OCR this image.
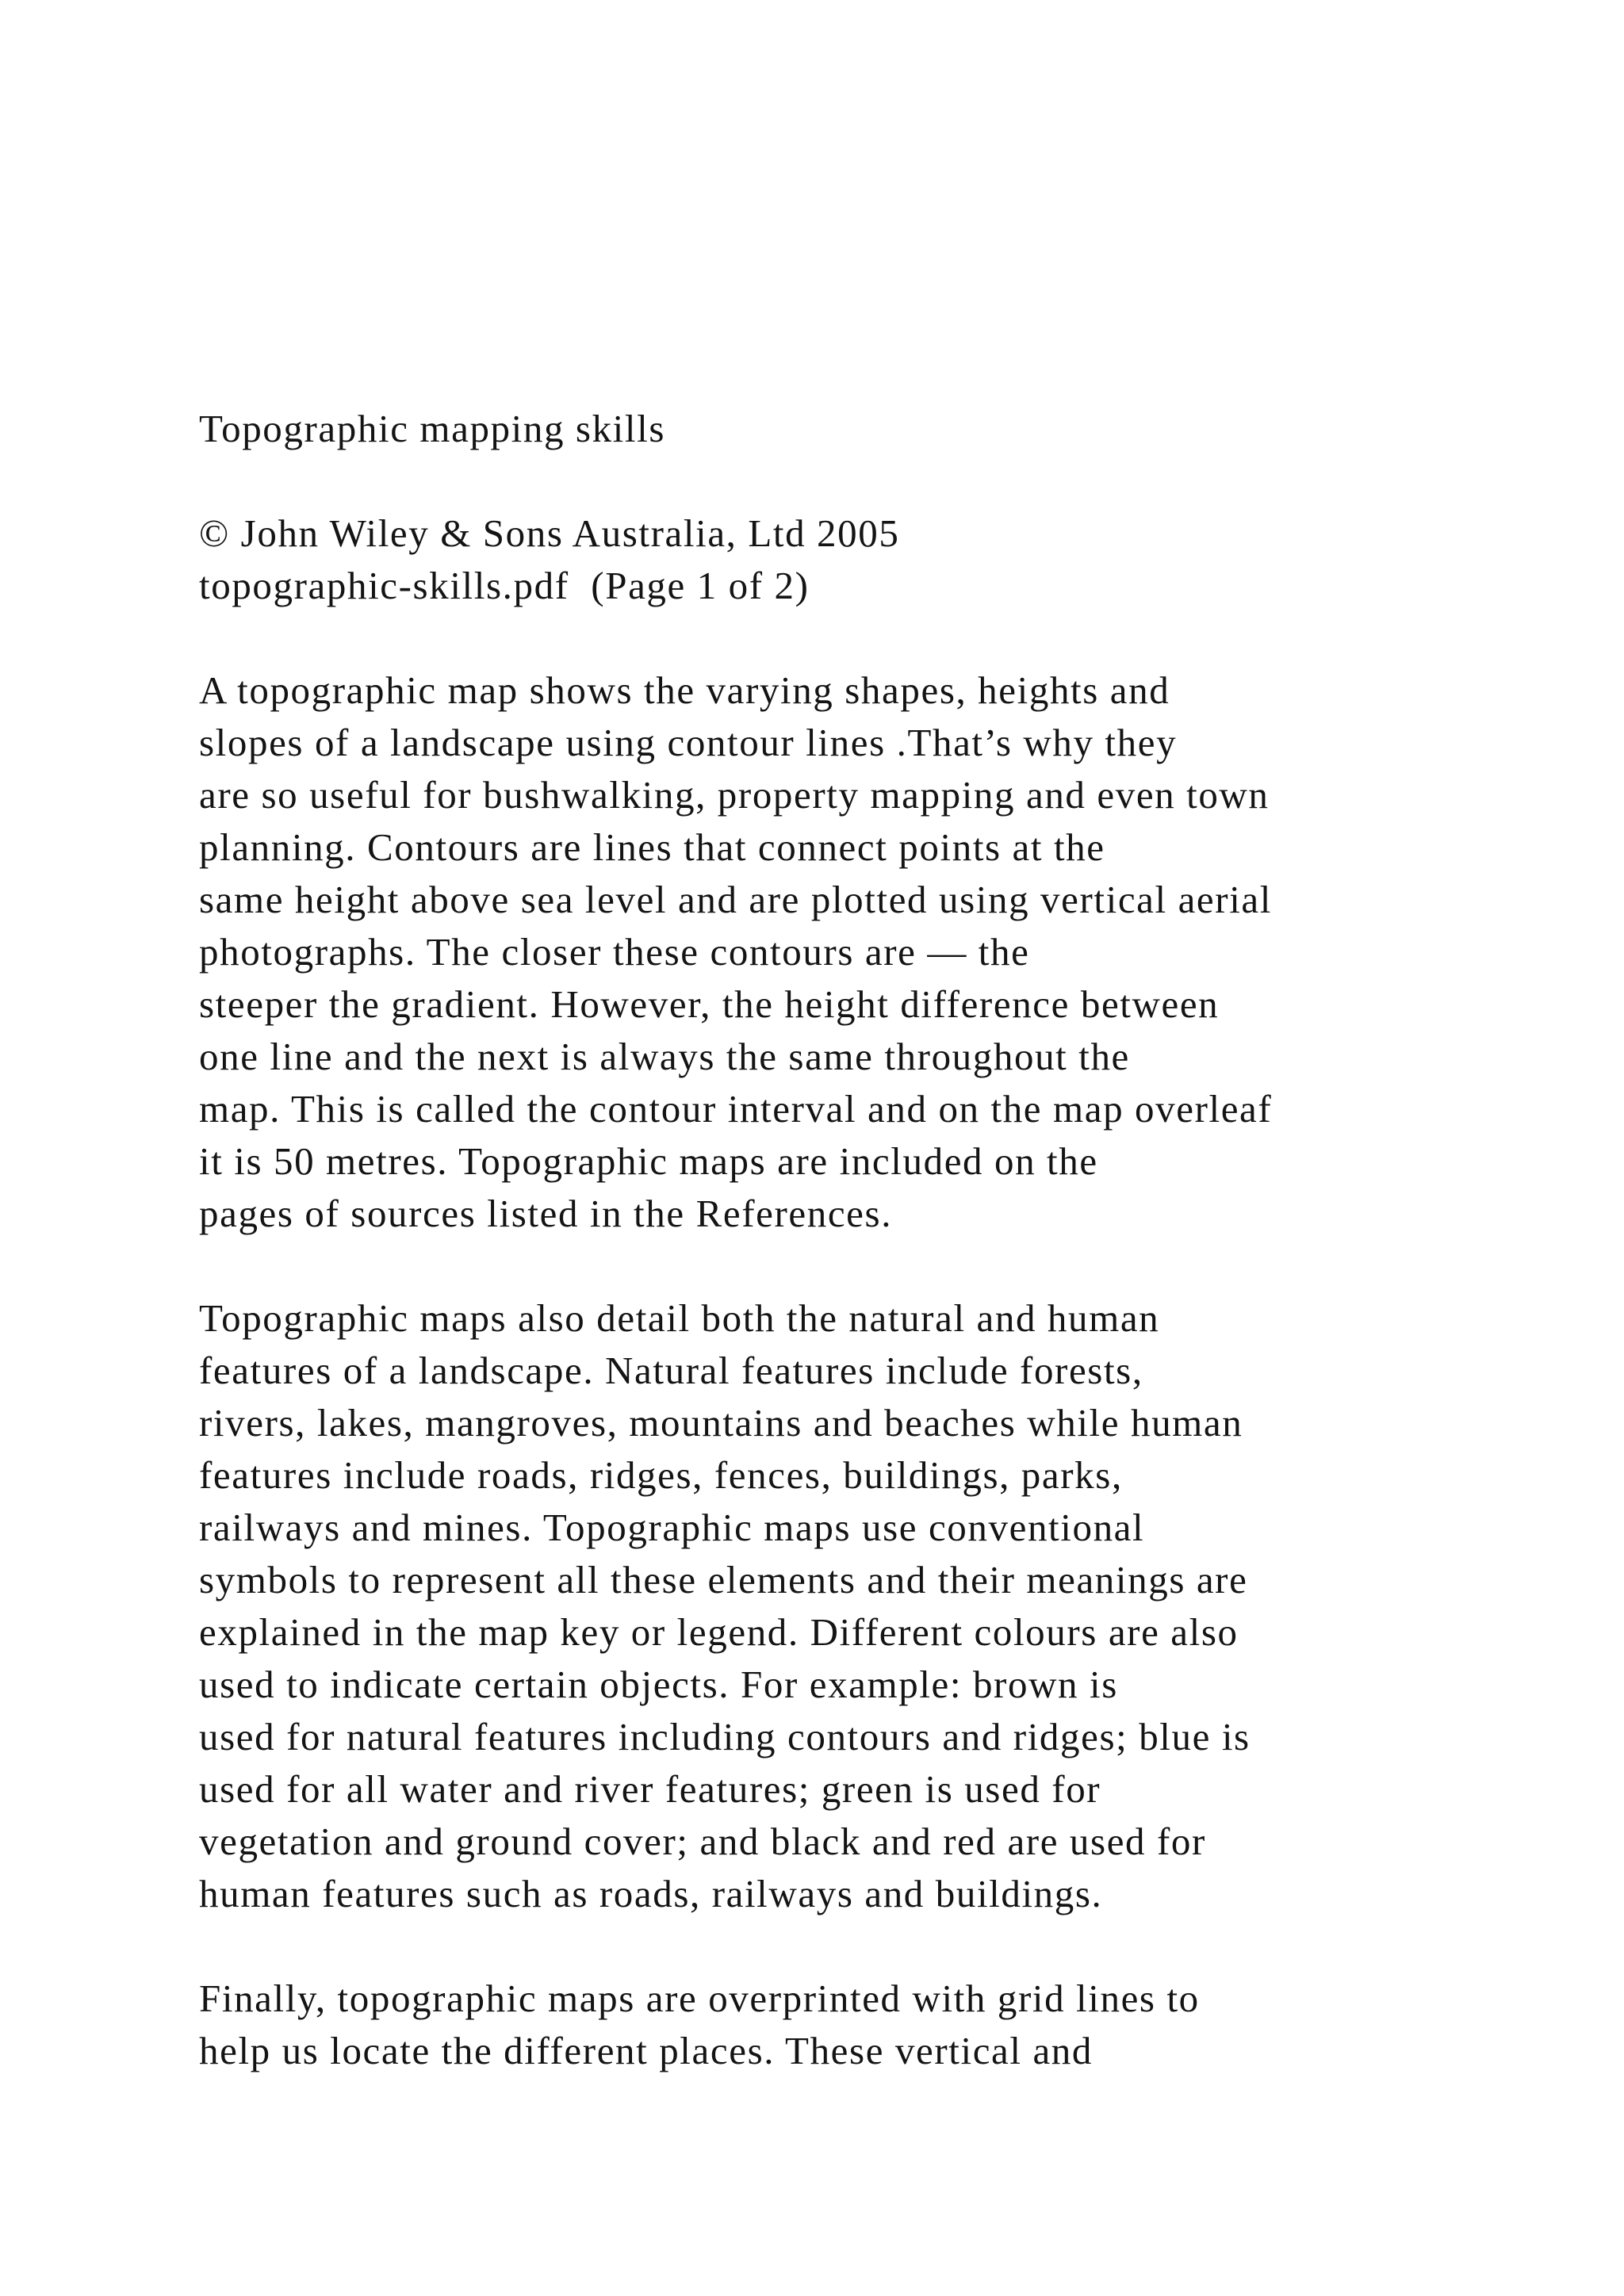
Topographic mapping skills
© John Wiley & Sons Australia, Ltd 2005
topographic-skills.pdf  (Page 1 of 2)
A topographic map shows the varying shapes, heights and
slopes of a landscape using contour lines .That’s why they
are so useful for bushwalking, property mapping and even town
planning. Contours are lines that connect points at the
same height above sea level and are plotted using vertical aerial
photographs. The closer these contours are — the
steeper the gradient. However, the height difference between
one line and the next is always the same throughout the
map. This is called the contour interval and on the map overleaf
it is 50 metres. Topographic maps are included on the
pages of sources listed in the References.
Topographic maps also detail both the natural and human
features of a landscape. Natural features include forests,
rivers, lakes, mangroves, mountains and beaches while human
features include roads, ridges, fences, buildings, parks,
railways and mines. Topographic maps use conventional
symbols to represent all these elements and their meanings are
explained in the map key or legend. Different colours are also
used to indicate certain objects. For example: brown is
used for natural features including contours and ridges; blue is
used for all water and river features; green is used for
vegetation and ground cover; and black and red are used for
human features such as roads, railways and buildings.
Finally, topographic maps are overprinted with grid lines to
help us locate the different places. These vertical and
